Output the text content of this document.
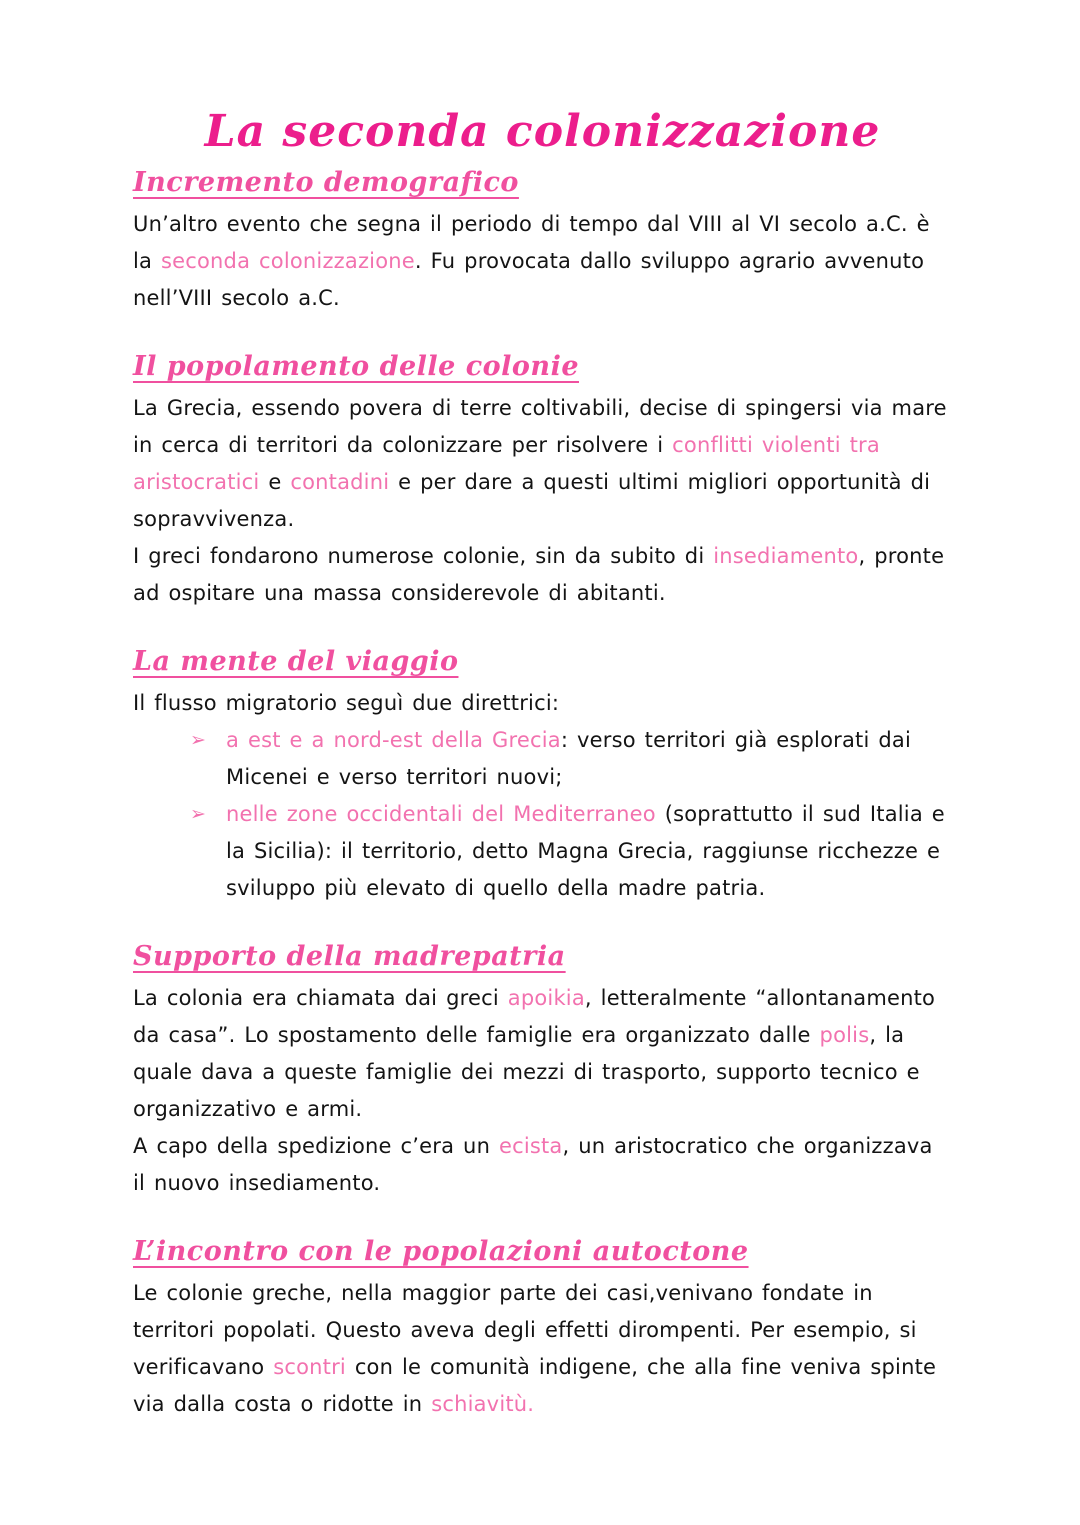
La seconda colonizzazione
Incremento demografico

Un’altro evento che segna il periodo di tempo dal VIII al VI secolo a.C. è la seconda colonizzazione. Fu provocata dallo sviluppo agrario avvenuto nell’VIII secolo a.C.

Il popolamento delle colonie

La Grecia, essendo povera di terre coltivabili, decise di spingersi via mare in cerca di territori da colonizzare per risolvere i conflitti violenti tra aristocratici e contadini e per dare a questi ultimi migliori opportunità di sopravvivenza.

I greci fondarono numerose colonie, sin da subito di insediamento, pronte ad ospitare una massa considerevole di abitanti.

La mente del viaggio

Il flusso migratorio seguì due direttrici:

➢ a est e a nord-est della Grecia: verso territori già esplorati dai Micenei e verso territori nuovi;
➢ nelle zone occidentali del Mediterraneo (soprattutto il sud Italia e la Sicilia): il territorio, detto Magna Grecia, raggiunse ricchezze e sviluppo più elevato di quello della madre patria.
Supporto della madrepatria

La colonia era chiamata dai greci apoikia, letteralmente “allontanamento da casa”. Lo spostamento delle famiglie era organizzato dalle polis, la quale dava a queste famiglie dei mezzi di trasporto, supporto tecnico e organizzativo e armi.

A capo della spedizione c’era un ecista, un aristocratico che organizzava il nuovo insediamento.

L’incontro con le popolazioni autoctone

Le colonie greche, nella maggior parte dei casi,venivano fondate in territori popolati. Questo aveva degli effetti dirompenti. Per esempio, si verificavano scontri con le comunità indigene, che alla fine veniva spinte via dalla costa o ridotte in schiavitù.
